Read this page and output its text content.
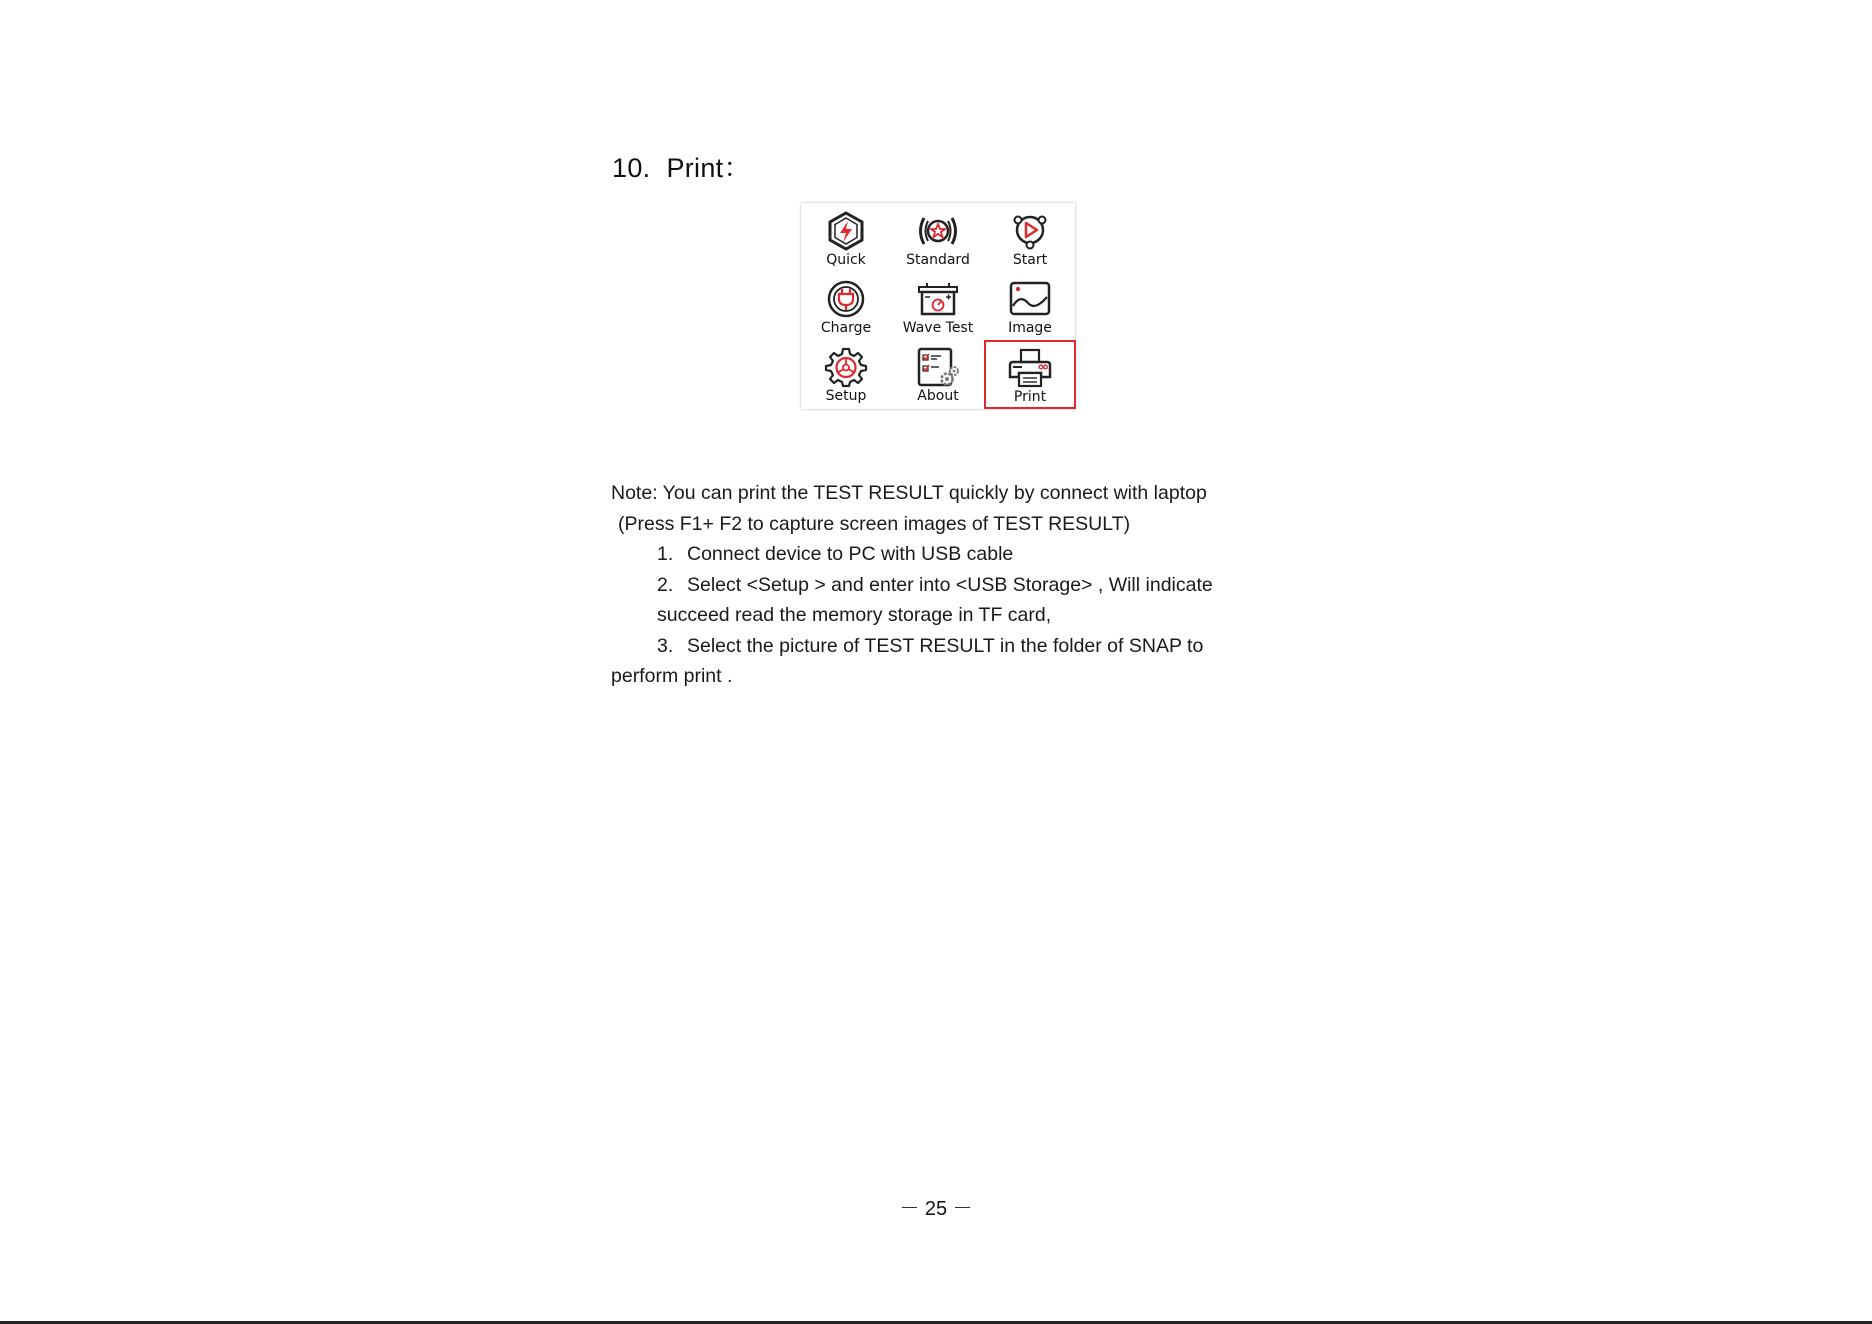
10. Print：
Quick	Standard	Start
Charge Wave Test Image
Setup	About	Print

Note: You can print the TEST RESULT quickly by connect with laptop

(Press F1+ F2 to capture screen images of TEST RESULT)

1. Connect device to PC with USB cable

2. Select <Setup > and enter into <USB Storage> , Will indicate

succeed read the memory storage in TF card,

3. Select the picture of TEST RESULT in the folder of SNAP to

perform print .

－ 25 －
